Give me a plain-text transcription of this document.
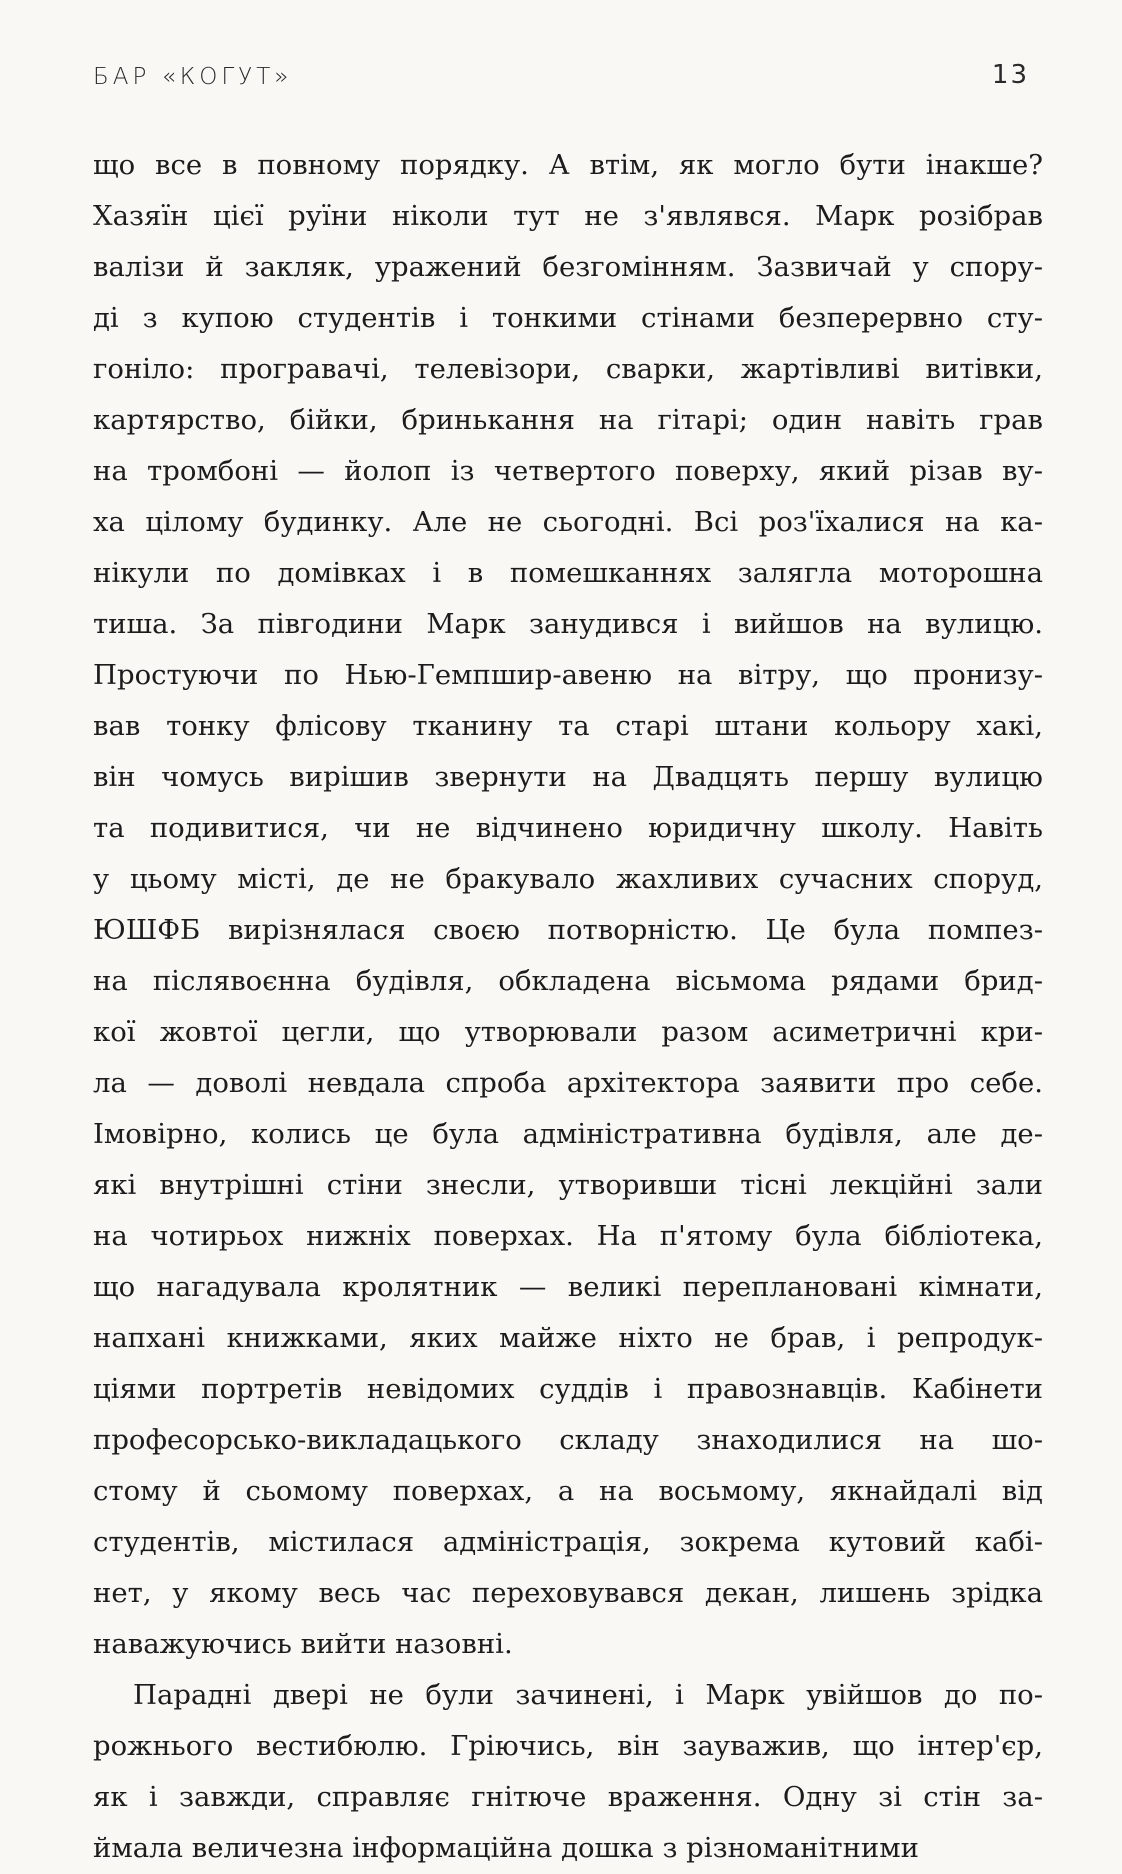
БАР «КОГУТ»	13
що все в повному порядку. А втім, як могло бути інакше?
Хазяїн цієї руїни ніколи тут не з'являвся. Марк розібрав
валізи й закляк, уражений безгомінням. Зазвичай у спору-
ді з купою студентів і тонкими стінами безперервно сту-
гоніло: програвачі, телевізори, сварки, жартівливі витівки,
картярство, бійки, бринькання на гітарі; один навіть грав
на тромбоні — йолоп із четвертого поверху, який різав ву-
ха цілому будинку. Але не сьогодні. Всі роз'їхалися на ка-
нікули по домівках і в помешканнях залягла моторошна
тиша. За півгодини Марк занудився і вийшов на вулицю.
Простуючи по Нью-Гемпшир-авеню на вітру, що пронизу-
вав тонку флісову тканину та старі штани кольору хакі,
він чомусь вирішив звернути на Двадцять першу вулицю
та подивитися, чи не відчинено юридичну школу. Навіть
у цьому місті, де не бракувало жахливих сучасних споруд,
ЮШФБ вирізнялася своєю потворністю. Це була помпез-
на післявоєнна будівля, обкладена вісьмома рядами брид-
кої жовтої цегли, що утворювали разом асиметричні кри-
ла — доволі невдала спроба архітектора заявити про себе.
Імовірно, колись це була адміністративна будівля, але де-
які внутрішні стіни знесли, утворивши тісні лекційні зали
на чотирьох нижніх поверхах. На п'ятому була бібліотека,
що нагадувала кролятник — великі переплановані кімнати,
напхані книжками, яких майже ніхто не брав, і репродук-
ціями портретів невідомих суддів і правознавців. Кабінети
професорсько-викладацького складу знаходилися на шо-
стому й сьомому поверхах, а на восьмому, якнайдалі від
студентів, містилася адміністрація, зокрема кутовий кабі-
нет, у якому весь час переховувався декан, лишень зрідка
наважуючись вийти назовні.
Парадні двері не були зачинені, і Марк увійшов до по-
рожнього вестибюлю. Гріючись, він зауважив, що інтер'єр,
як і завжди, справляє гнітюче враження. Одну зі стін за-
ймала величезна інформаційна дошка з різноманітними
